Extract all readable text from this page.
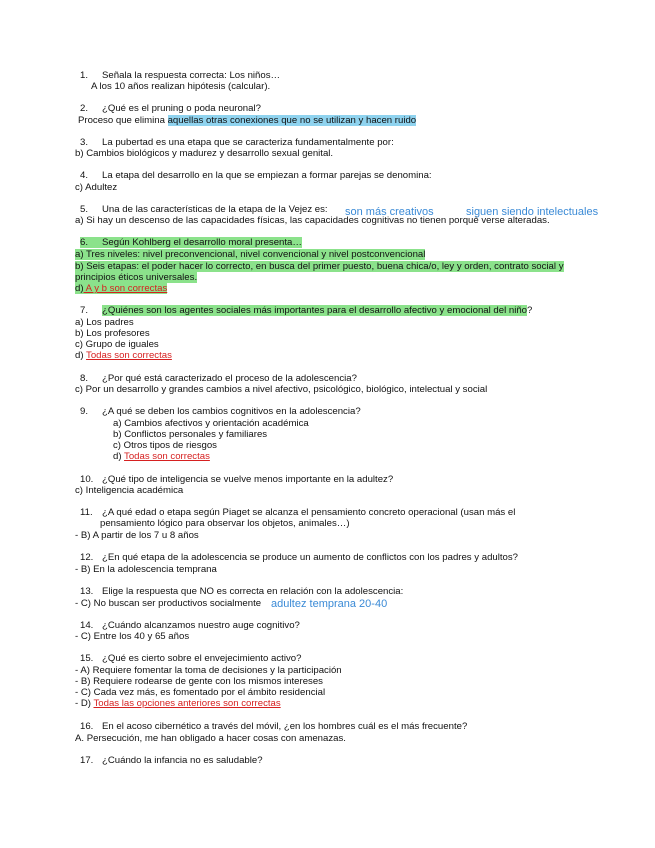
1. Señala la respuesta correcta: Los niños…
A los 10 años realizan hipótesis (calcular).
2. ¿Qué es el pruning o poda neuronal?
Proceso que elimina aquellas otras conexiones que no se utilizan y hacen ruido
3. La pubertad es una etapa que se caracteriza fundamentalmente por:
b) Cambios biológicos y madurez y desarrollo sexual genital.
4. La etapa del desarrollo en la que se empiezan a formar parejas se denomina:
c) Adultez
5. Una de las características de la etapa de la Vejez es: son más creativos	siguen siendo intelectuales
a) Si hay un descenso de las capacidades físicas, las capacidades cognitivas no tienen porqué verse alteradas.
6. Según Kohlberg el desarrollo moral presenta…
a) Tres niveles: nivel preconvencional, nivel convencional y nivel postconvencional
b) Seis etapas: el poder hacer lo correcto, en busca del primer puesto, buena chica/o, ley y orden, contrato social y
principios éticos universales.
d) A y b son correctas
7. ¿Quiénes son los agentes sociales más importantes para el desarrollo afectivo y emocional del niño?
a) Los padres
b) Los profesores
c) Grupo de iguales
d) Todas son correctas
8. ¿Por qué está caracterizado el proceso de la adolescencia?
c) Por un desarrollo y grandes cambios a nivel afectivo, psicológico, biológico, intelectual y social
9. ¿A qué se deben los cambios cognitivos en la adolescencia?
a) Cambios afectivos y orientación académica
b) Conflictos personales y familiares
c) Otros tipos de riesgos
d) Todas son correctas
10. ¿Qué tipo de inteligencia se vuelve menos importante en la adultez?
c) Inteligencia académica
11. ¿A qué edad o etapa según Piaget se alcanza el pensamiento concreto operacional (usan más el
pensamiento lógico para observar los objetos, animales…)
- B) A partir de los 7 u 8 años
12. ¿En qué etapa de la adolescencia se produce un aumento de conflictos con los padres y adultos?
- B) En la adolescencia temprana
13. Elige la respuesta que NO es correcta en relación con la adolescencia:
- C) No buscan ser productivos socialmente adultez temprana 20-40
14. ¿Cuándo alcanzamos nuestro auge cognitivo?
- C) Entre los 40 y 65 años
15. ¿Qué es cierto sobre el envejecimiento activo?
- A) Requiere fomentar la toma de decisiones y la participación
- B) Requiere rodearse de gente con los mismos intereses
- C) Cada vez más, es fomentado por el ámbito residencial
- D) Todas las opciones anteriores son correctas
16. En el acoso cibernético a través del móvil, ¿en los hombres cuál es el más frecuente?
A. Persecución, me han obligado a hacer cosas con amenazas.
17. ¿Cuándo la infancia no es saludable?
